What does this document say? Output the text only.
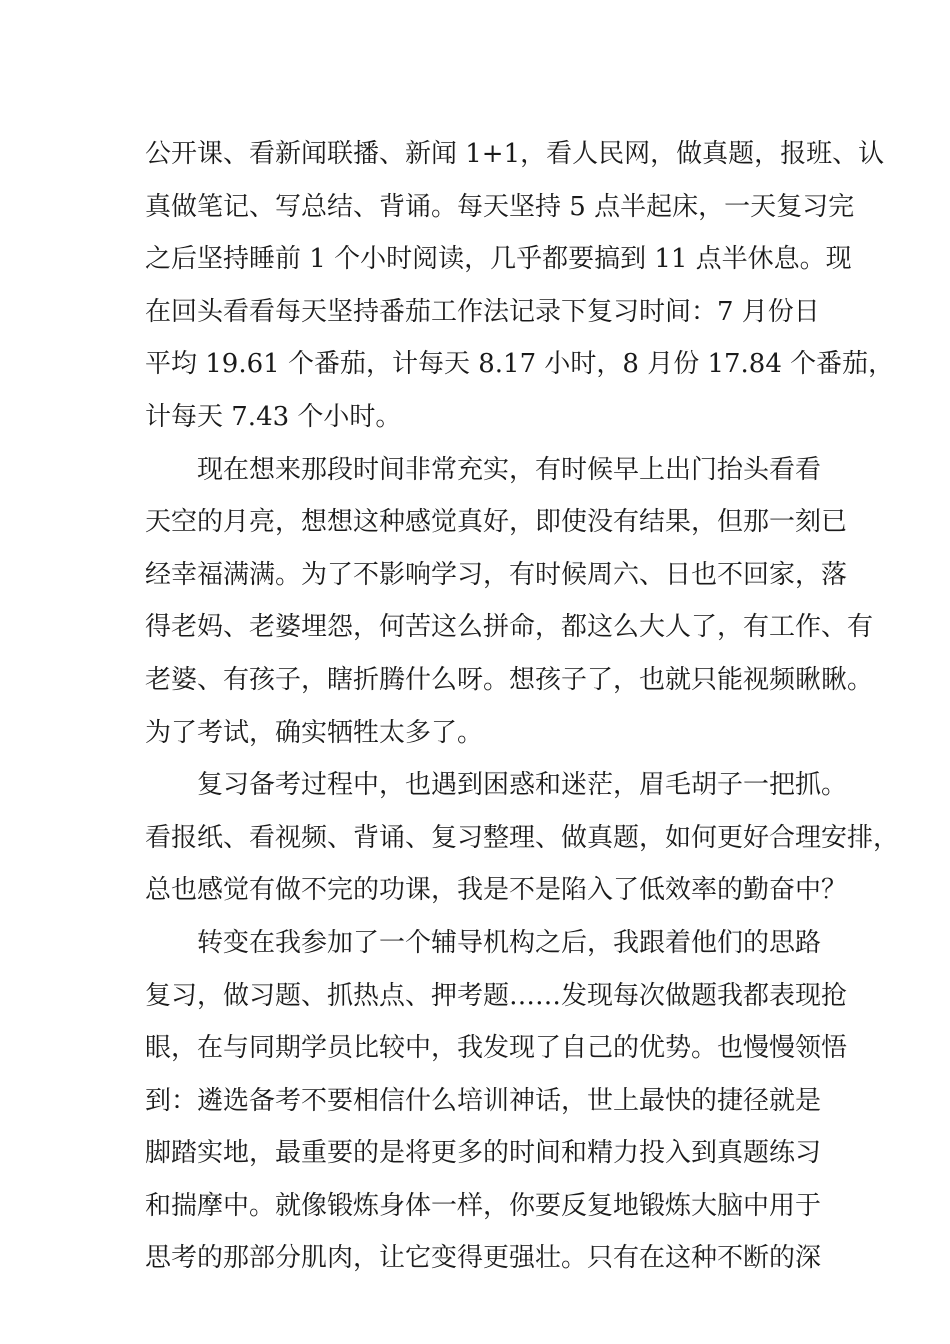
公开课、看新闻联播、新闻 1+1，看人民网，做真题，报班、认
真做笔记、写总结、背诵。每天坚持 5 点半起床，一天复习完
之后坚持睡前 1 个小时阅读，几乎都要搞到 11 点半休息。现
在回头看看每天坚持番茄工作法记录下复习时间：7 月份日
平均 19.61 个番茄，计每天 8.17 小时，8 月份 17.84 个番茄，
计每天 7.43 个小时。
现在想来那段时间非常充实，有时候早上出门抬头看看
天空的月亮，想想这种感觉真好，即使没有结果，但那一刻已
经幸福满满。为了不影响学习，有时候周六、日也不回家，落
得老妈、老婆埋怨，何苦这么拼命，都这么大人了，有工作、有
老婆、有孩子，瞎折腾什么呀。想孩子了，也就只能视频瞅瞅。
为了考试，确实牺牲太多了。
复习备考过程中，也遇到困惑和迷茫，眉毛胡子一把抓。
看报纸、看视频、背诵、复习整理、做真题，如何更好合理安排，
总也感觉有做不完的功课，我是不是陷入了低效率的勤奋中？
转变在我参加了一个辅导机构之后，我跟着他们的思路
复习，做习题、抓热点、押考题……发现每次做题我都表现抢
眼，在与同期学员比较中，我发现了自己的优势。也慢慢领悟
到：遴选备考不要相信什么培训神话，世上最快的捷径就是
脚踏实地，最重要的是将更多的时间和精力投入到真题练习
和揣摩中。就像锻炼身体一样，你要反复地锻炼大脑中用于
思考的那部分肌肉，让它变得更强壮。只有在这种不断的深
